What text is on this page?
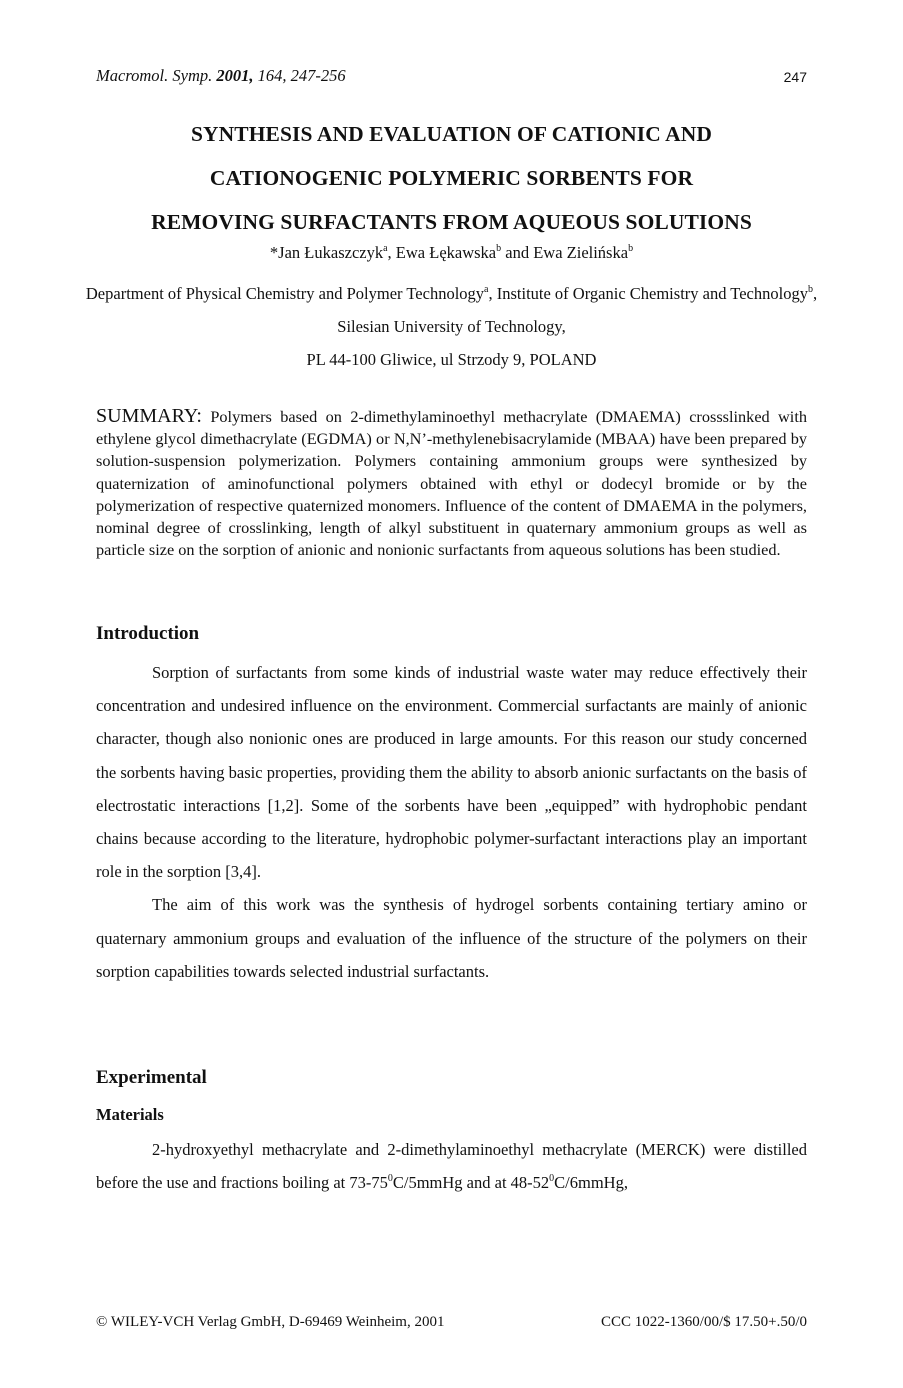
Macromol. Symp. 2001, 164, 247-256	247
SYNTHESIS AND EVALUATION OF CATIONIC AND
CATIONOGENIC POLYMERIC SORBENTS FOR
REMOVING SURFACTANTS FROM AQUEOUS SOLUTIONS
*Jan Łukaszczyk$^a$, Ewa Łękawska$^b$ and Ewa Zielińska$^b$
Department of Physical Chemistry and Polymer Technology$^a$, Institute of Organic Chemistry and Technology$^b$, Silesian University of Technology,
PL 44-100 Gliwice, ul Strzody 9, POLAND
SUMMARY: Polymers based on 2-dimethylaminoethyl methacrylate (DMAEMA) crossslinked with ethylene glycol dimethacrylate (EGDMA) or N,N’-methylenebisacrylamide (MBAA) have been prepared by solution-suspension polymerization. Polymers containing ammonium groups were synthesized by quaternization of aminofunctional polymers obtained with ethyl or dodecyl bromide or by the polymerization of respective quaternized monomers. Influence of the content of DMAEMA in the polymers, nominal degree of crosslinking, length of alkyl substituent in quaternary ammonium groups as well as particle size on the sorption of anionic and nonionic surfactants from aqueous solutions has been studied.
Introduction

Sorption of surfactants from some kinds of industrial waste water may reduce effectively their concentration and undesired influence on the environment. Commercial surfactants are mainly of anionic character, though also nonionic ones are produced in large amounts. For this reason our study concerned the sorbents having basic properties, providing them the ability to absorb anionic surfactants on the basis of electrostatic interactions [1,2]. Some of the sorbents have been „equipped” with hydrophobic pendant chains because according to the literature, hydrophobic polymer-surfactant interactions play an important role in the sorption [3,4].

The aim of this work was the synthesis of hydrogel sorbents containing tertiary amino or quaternary ammonium groups and evaluation of the influence of the structure of the polymers on their sorption capabilities towards selected industrial surfactants.

Experimental
Materials

2-hydroxyethyl methacrylate and 2-dimethylaminoethyl methacrylate (MERCK) were distilled before the use and fractions boiling at $73-75^0C/5mmHg$ and at $48-52^0C/6mmHg$,

© WILEY-VCH Verlag GmbH, D-69469 Weinheim, 2001	CCC 1022-1360/00/$ 17.50+.50/0
